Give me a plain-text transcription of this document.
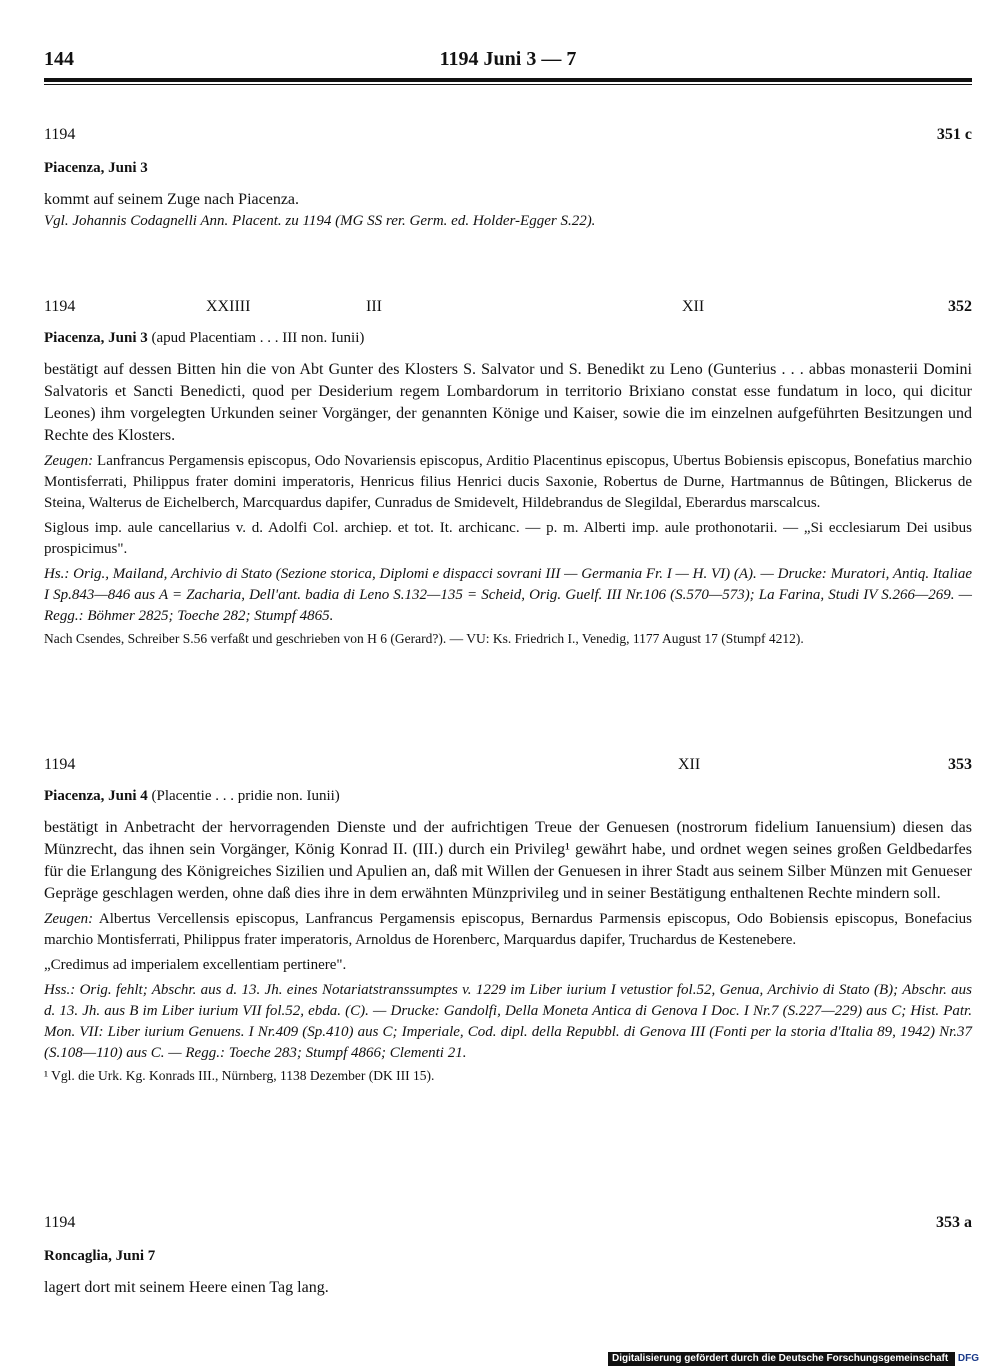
144	1194 Juni 3 — 7
1194	351 c
Piacenza, Juni 3

kommt auf seinem Zuge nach Piacenza.

Vgl. Johannis Codagnelli Ann. Placent. zu 1194 (MG SS rer. Germ. ed. Holder-Egger S.22).

1194	XXIIII	III	XII	352
Piacenza, Juni 3 (apud Placentiam . . . III non. Iunii)

bestätigt auf dessen Bitten hin die von Abt Gunter des Klosters S. Salvator und S. Benedikt zu Leno (Gunterius . . . abbas monasterii Domini Salvatoris et Sancti Benedicti, quod per Desiderium regem Lombardorum in territorio Brixiano constat esse fundatum in loco, qui dicitur Leones) ihm vorgelegten Urkunden seiner Vorgänger, der genannten Könige und Kaiser, sowie die im einzelnen aufgeführten Besitzungen und Rechte des Klosters.

Zeugen: Lanfrancus Pergamensis episcopus, Odo Novariensis episcopus, Arditio Placentinus episcopus, Ubertus Bobiensis episcopus, Bonefatius marchio Montisferrati, Philippus frater domini imperatoris, Henricus filius Henrici ducis Saxonie, Robertus de Durne, Hartmannus de Bûtingen, Blickerus de Steina, Walterus de Eichelberch, Marcquardus dapifer, Cunradus de Smidevelt, Hildebrandus de Slegildal, Eberardus marscalcus.

Siglous imp. aule cancellarius v. d. Adolfi Col. archiep. et tot. It. archicanc. — p. m. Alberti imp. aule prothonotarii. — „Si ecclesiarum Dei usibus prospicimus".

Hs.: Orig., Mailand, Archivio di Stato (Sezione storica, Diplomi e dispacci sovrani III — Germania Fr. I — H. VI) (A). — Drucke: Muratori, Antiq. Italiae I Sp.843—846 aus A = Zacharia, Dell'ant. badia di Leno S.132—135 = Scheid, Orig. Guelf. III Nr.106 (S.570—573); La Farina, Studi IV S.266—269. — Regg.: Böhmer 2825; Toeche 282; Stumpf 4865.

Nach Csendes, Schreiber S.56 verfaßt und geschrieben von H 6 (Gerard?). — VU: Ks. Friedrich I., Venedig, 1177 August 17 (Stumpf 4212).

1194	XII	353
Piacenza, Juni 4 (Placentie . . . pridie non. Iunii)

bestätigt in Anbetracht der hervorragenden Dienste und der aufrichtigen Treue der Genuesen (nostrorum fidelium Ianuensium) diesen das Münzrecht, das ihnen sein Vorgänger, König Konrad II. (III.) durch ein Privileg¹ gewährt habe, und ordnet wegen seines großen Geldbedarfes für die Erlangung des Königreiches Sizilien und Apulien an, daß mit Willen der Genuesen in ihrer Stadt aus seinem Silber Münzen mit Genueser Gepräge geschlagen werden, ohne daß dies ihre in dem erwähnten Münzprivileg und in seiner Bestätigung enthaltenen Rechte mindern soll.

Zeugen: Albertus Vercellensis episcopus, Lanfrancus Pergamensis episcopus, Bernardus Parmensis episcopus, Odo Bobiensis episcopus, Bonefacius marchio Montisferrati, Philippus frater imperatoris, Arnoldus de Horenberc, Marquardus dapifer, Truchardus de Kestenebere.

„Credimus ad imperialem excellentiam pertinere".

Hss.: Orig. fehlt; Abschr. aus d. 13. Jh. eines Notariatstranssumptes v. 1229 im Liber iurium I vetustior fol.52, Genua, Archivio di Stato (B); Abschr. aus d. 13. Jh. aus B im Liber iurium VII fol.52, ebda. (C). — Drucke: Gandolfi, Della Moneta Antica di Genova I Doc. I Nr.7 (S.227—229) aus C; Hist. Patr. Mon. VII: Liber iurium Genuens. I Nr.409 (Sp.410) aus C; Imperiale, Cod. dipl. della Repubbl. di Genova III (Fonti per la storia d'Italia 89, 1942) Nr.37 (S.108—110) aus C. — Regg.: Toeche 283; Stumpf 4866; Clementi 21.

¹ Vgl. die Urk. Kg. Konrads III., Nürnberg, 1138 Dezember (DK III 15).

1194	353 a
Roncaglia, Juni 7

lagert dort mit seinem Heere einen Tag lang.

Digitalisierung gefördert durch die Deutsche Forschungsgemeinschaft DFG
